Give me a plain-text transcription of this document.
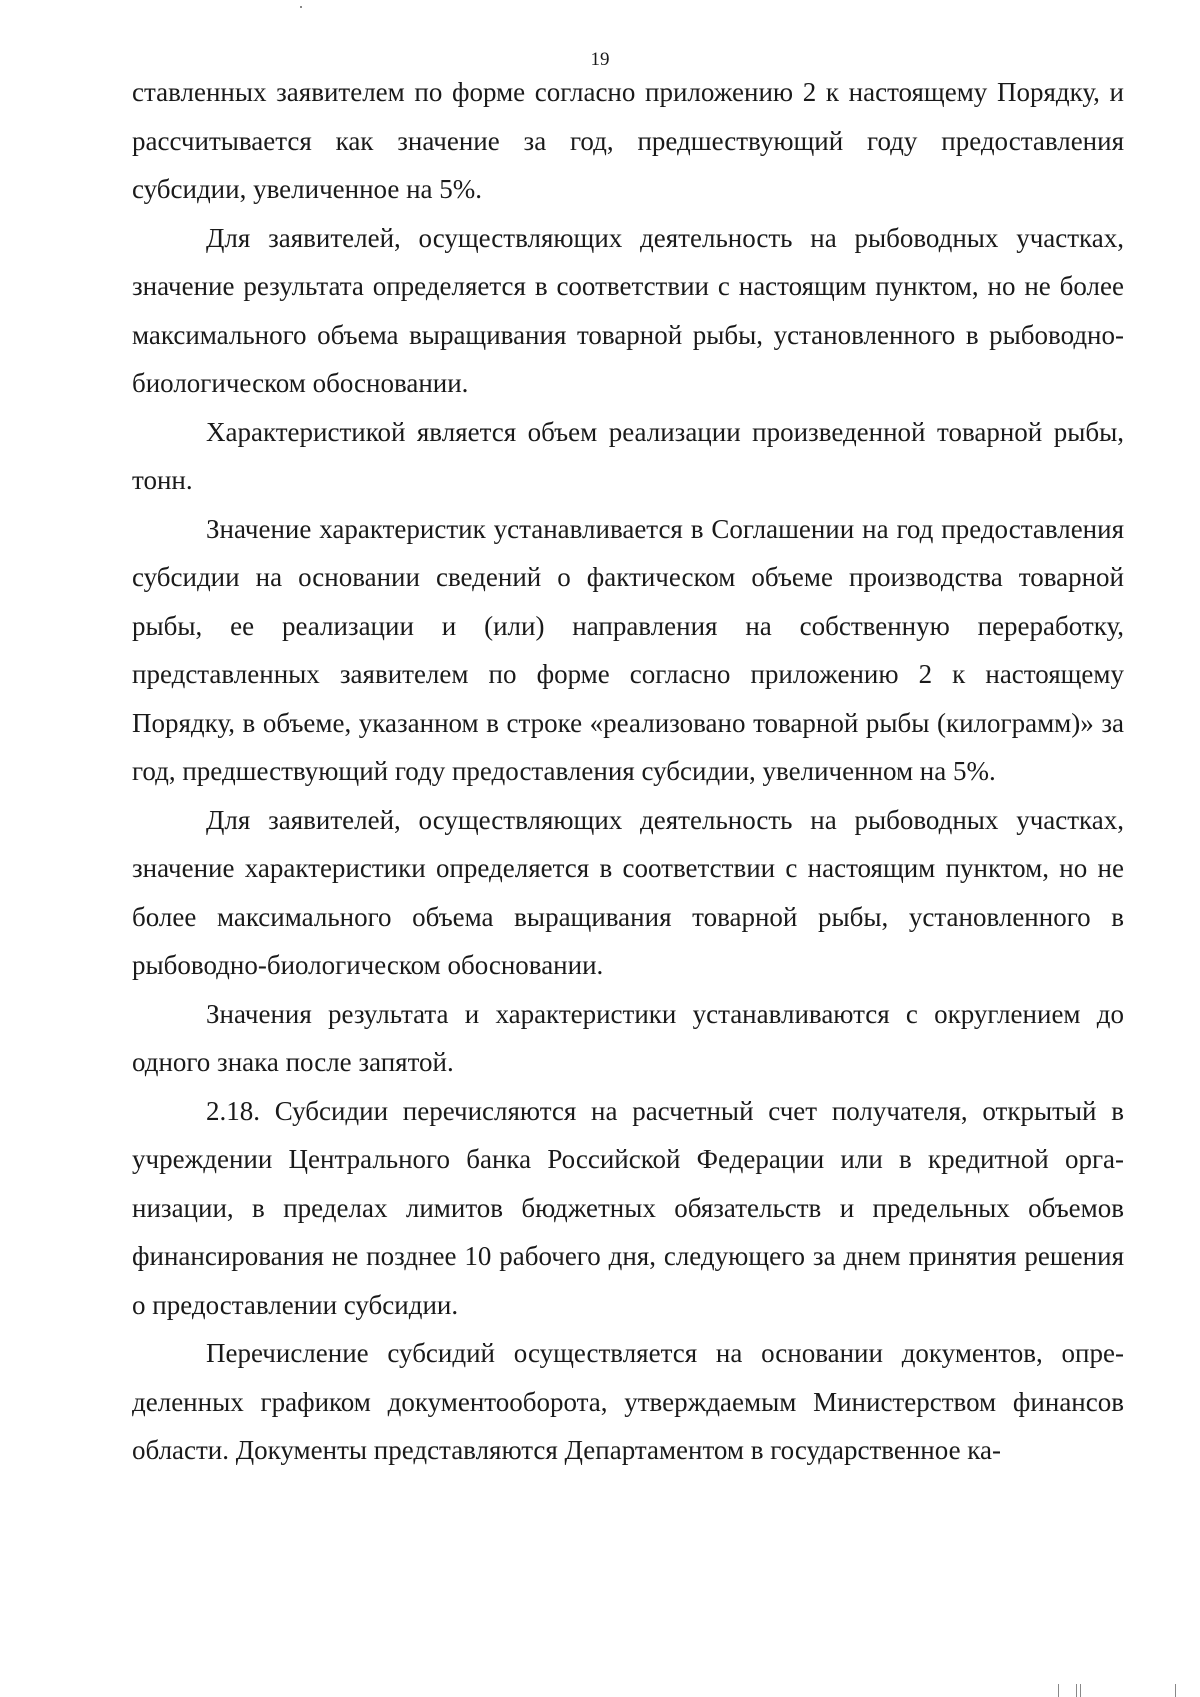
19

ставленных заявителем по форме согласно приложению 2 к настоящему Порядку, и рассчитывается как значение за год, предшествующий году предоставления субсидии, увеличенное на 5%.

Для заявителей, осуществляющих деятельность на рыбоводных участках, значение результата определяется в соответствии с настоящим пунктом, но не более максимального объема выращивания товарной рыбы, установленного в рыбоводно-биологическом обосновании.

Характеристикой является объем реализации произведенной товарной рыбы, тонн.

Значение характеристик устанавливается в Соглашении на год предоставления субсидии на основании сведений о фактическом объеме производства товарной рыбы, ее реализации и (или) направления на собственную переработку, представленных заявителем по форме согласно приложению 2 к настоящему Порядку, в объеме, указанном в строке «реализовано товарной рыбы (килограмм)» за год, предшествующий году предоставления субсидии, увеличенном на 5%.

Для заявителей, осуществляющих деятельность на рыбоводных участках, значение характеристики определяется в соответствии с настоящим пунктом, но не более максимального объема выращивания товарной рыбы, установленного в рыбоводно-биологическом обосновании.

Значения результата и характеристики устанавливаются с округлением до одного знака после запятой.

2.18. Субсидии перечисляются на расчетный счет получателя, открытый в учреждении Центрального банка Российской Федерации или в кредитной организации, в пределах лимитов бюджетных обязательств и предельных объемов финансирования не позднее 10 рабочего дня, следующего за днем принятия решения о предоставлении субсидии.

Перечисление субсидий осуществляется на основании документов, определенных графиком документооборота, утверждаемым Министерством финансов области. Документы представляются Департаментом в государственное ка-
